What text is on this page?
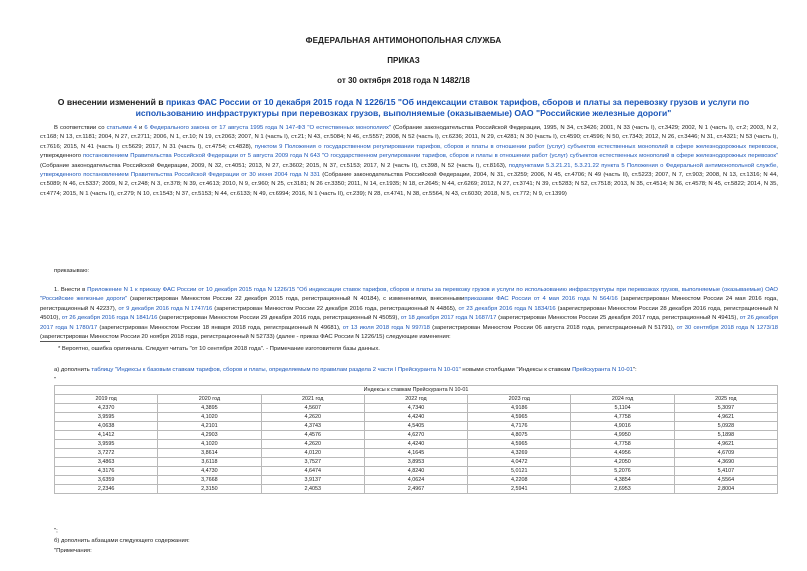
ФЕДЕРАЛЬНАЯ АНТИМОНОПОЛЬНАЯ СЛУЖБА
ПРИКАЗ
от 30 октября 2018 года N 1482/18
О внесении изменений в приказ ФАС России от 10 декабря 2015 года N 1226/15 "Об индексации ставок тарифов, сборов и платы за перевозку грузов и услуги по использованию инфраструктуры при перевозках грузов, выполняемые (оказываемые) ОАО "Российские железные дороги"
В соответствии со статьями 4 и 6 Федерального закона от 17 августа 1995 года N 147-ФЗ "О естественных монополиях" (Собрание законодательства Российской Федерации, 1995, N 34, ст.3426; 2001, N 33 (часть I), ст.3429; 2002, N 1 (часть I), ст.2; 2003, N 2, ст.168; N 13, ст.1181; 2004, N 27, ст.2711; 2006, N 1, ст.10; N 19, ст.2063; 2007, N 1 (часть I), ст.21; N 43, ст.5084; N 46, ст.5557; 2008, N 52 (часть I), ст.6236; 2011, N 29, ст.4281; N 30 (часть I), ст.4590; ст.4596; N 50, ст.7343; 2012, N 26, ст.3446; N 31, ст.4321; N 53 (часть I), ст.7616; 2015, N 41 (часть I) ст.5629; 2017, N 31 (часть I), ст.4754; ст.4828), пунктом 9 Положения о государственном регулировании тарифов, сборов и платы в отношении работ (услуг) субъектов естественных монополий в сфере железнодорожных перевозок, утвержденного постановлением Правительства Российской Федерации от 5 августа 2009 года N 643 "О государственном регулировании тарифов, сборов и платы в отношении работ (услуг) субъектов естественных монополий в сфере железнодорожных перевозок" (Собрание законодательства Российской Федерации, 2009, N 32, ст.4051; 2013, N 27, ст.3602; 2015, N 37, ст.5153; 2017, N 2 (часть II), ст.398, N 52 (часть I), ст.8163), подпунктами 5.3.21.21, 5.3.21.22 пункта 5 Положения о Федеральной антимонопольной службе, утвержденного постановлением Правительства Российской Федерации от 30 июня 2004 года N 331 (Собрание законодательства Российской Федерации, 2004, N 31, ст.3259; 2006, N 45, ст.4706; N 49 (часть II), ст.5223; 2007, N 7, ст.903; 2008, N 13, ст.1316; N 44, ст.5089; N 46, ст.5337; 2009, N 2, ст.248; N 3, ст.378; N 39, ст.4613; 2010, N 9, ст.960; N 25, ст.3181; N 26 ст.3350; 2011, N 14, ст.1935; N 18, ст.2645; N 44, ст.6269; 2012, N 27, ст.3741; N 39, ст.5283; N 52, ст.7518; 2013, N 35, ст.4514; N 36, ст.4578; N 45, ст.5822; 2014, N 35, ст.4774; 2015, N 1 (часть II), ст.279; N 10, ст.1543; N 37, ст.5153; N 44, ст.6133; N 49, ст.6994; 2016, N 1 (часть II), ст.239); N 28, ст.4741, N 38, ст.5564, N 43, ст.6030; 2018, N 5, ст.772; N 9, ст.1399)
приказываю:
1. Внести в Приложение N 1 к приказу ФАС России от 10 декабря 2015 года N 1226/15 "Об индексации ставок тарифов, сборов и платы за перевозку грузов и услуги по использованию инфраструктуры при перевозках грузов, выполняемые (оказываемые) ОАО "Российские железные дороги" (зарегистрирован Минюстом России 22 декабря 2015 года, регистрационный N 40184), с изменениями, внесеннымиприказами ФАС России от 4 мая 2016 года N 564/16 (зарегистрирован Минюстом России 24 мая 2016 года, регистрационный N 42237), от 9 декабря 2016 года N 1747/16 (зарегистрирован Минюстом России 22 декабря 2016 года, регистрационный N 44865), от 23 декабря 2016 года N 1834/16 (зарегистрирован Минюстом России 28 декабря 2016 года, регистрационный N 45010), от 26 декабря 2016 года N 1841/16 (зарегистрирован Минюстом России 29 декабря 2016 года, регистрационный N 45059), от 18 декабря 2017 года N 1687/17 (зарегистрирован Минюстом России 25 декабря 2017 года, регистрационный N 49415), от 26 декабря 2017 года N 1780/17 (зарегистрирован Минюстом России 18 января 2018 года, регистрационный N 49681), от 13 июля 2018 года N 997/18 (зарегистрирован Минюстом России 06 августа 2018 года, регистрационный N 51791), от 30 сентября 2018 года N 1273/18 (зарегистрирован Минюстом России 20 ноября 2018 года, регистрационный N 52733) (далее - приказ ФАС России N 1226/15) следующие изменения:
* Вероятно, ошибка оригинала. Следует читать "от 10 сентября 2018 года". - Примечание изготовителя базы данных.
а) дополнить таблицу "Индексы к базовым ставкам тарифов, сборов и платы, определяемым по правилам раздела 2 части I Прейскуранта N 10-01" новыми столбцами "Индексы к ставкам Прейскуранта N 10-01":
"
Индексы к ставкам Прейскуранта N 10-01						
2019 год	2020 год	2021 год	2022 год	2023 год	2024 год	2025 год
4,2370	4,3895	4,5607	4,7340	4,9186	5,1104	5,3097
3,9595	4,1020	4,2620	4,4240	4,5965	4,7758	4,9621
4,0638	4,2101	4,3743	4,5405	4,7176	4,9016	5,0928
4,1412	4,2903	4,4576	4,6270	4,8075	4,9950	5,1898
3,9595	4,1020	4,2620	4,4240	4,5965	4,7758	4,9621
3,7272	3,8614	4,0120	4,1645	4,3269	4,4956	4,6709
3,4863	3,6118	3,7527	3,8953	4,0472	4,2050	4,3690
4,3176	4,4730	4,6474	4,8240	5,0121	5,2076	5,4107
3,6359	3,7668	3,9137	4,0624	4,2208	4,3854	4,5564
2,2346	2,3150	2,4053	2,4967	2,5941	2,6953	2,8004
";
б) дополнить абзацами следующего содержания:
"Примечания:
